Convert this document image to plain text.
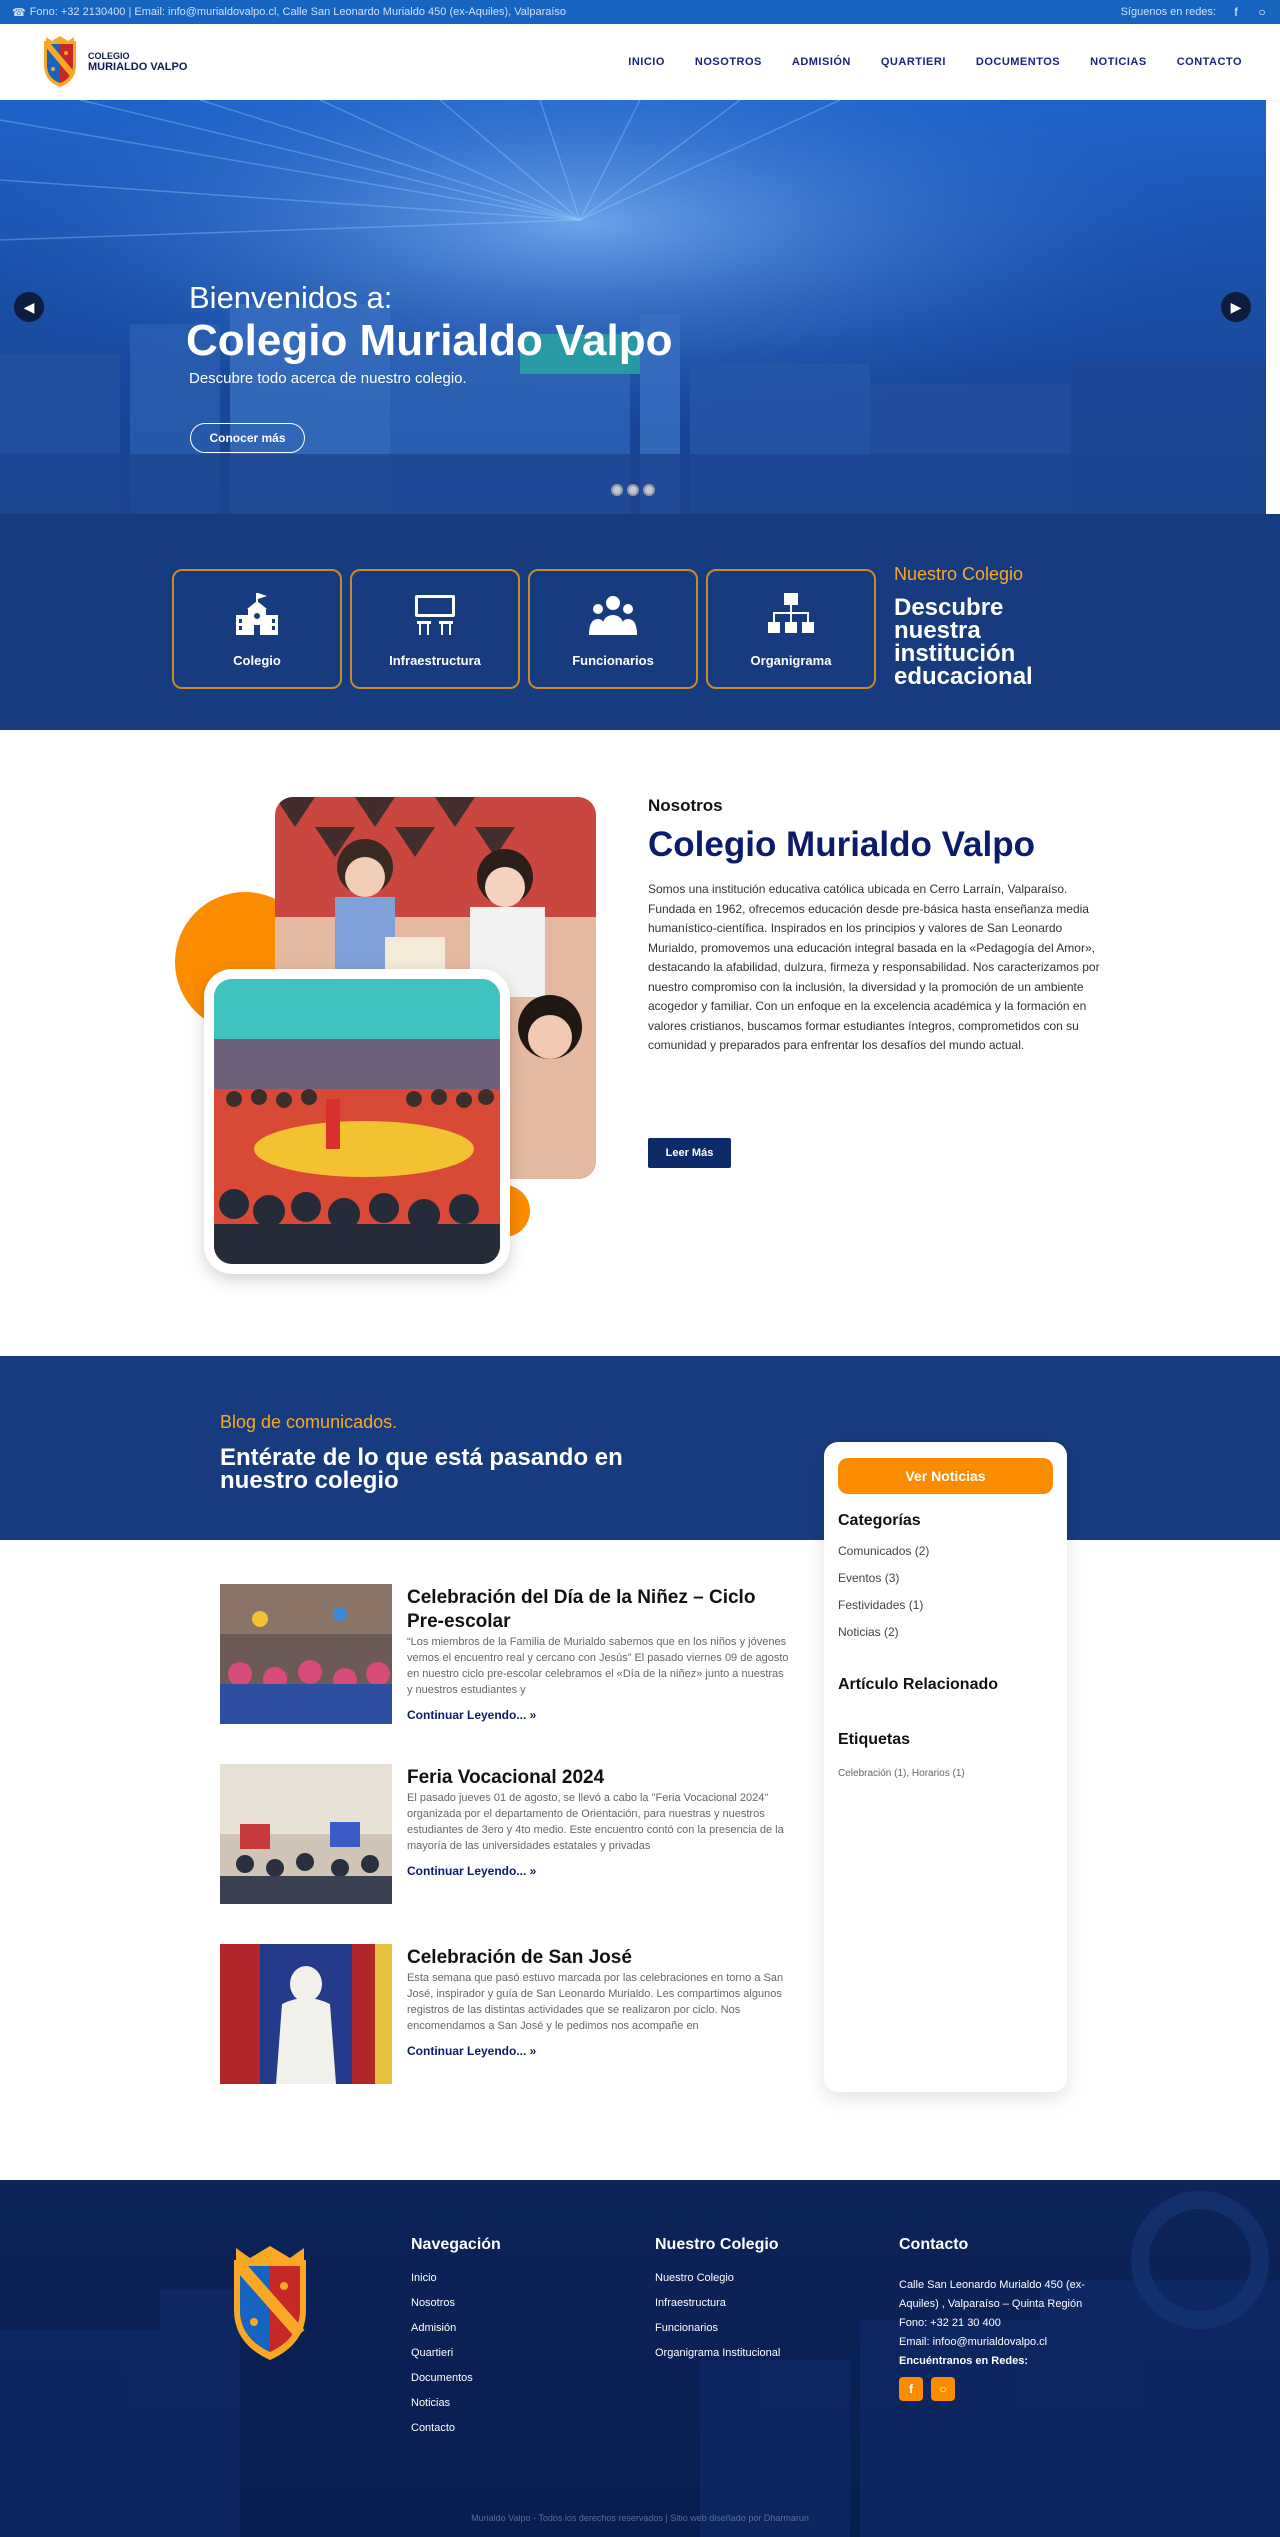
☎ Fono: +32 2130400 | Email: info@murialdovalpo.cl, Calle San Leonardo Murialdo 450 (ex-Aquiles), Valparaíso	Síguenos en redes:	f	○
COLEGIO
MURIALDO VALPO	INICIO	NOSOTROS	ADMISIÓN	QUARTIERI	DOCUMENTOS	NOTICIAS	CONTACTO
Bienvenidos a:
Colegio Murialdo Valpo
Descubre todo acerca de nuestro colegio.
Conocer más
◀	▶
Colegio	Infraestructura	Funcionarios	Organigrama
Nuestro Colegio
Descubre nuestra institución educacional
Nosotros
Colegio Murialdo Valpo
Somos una institución educativa católica ubicada en Cerro Larraín, Valparaíso. Fundada en 1962, ofrecemos educación desde pre-básica hasta enseñanza media humanístico-científica. Inspirados en los principios y valores de San Leonardo Murialdo, promovemos una educación integral basada en la «Pedagogía del Amor», destacando la afabilidad, dulzura, firmeza y responsabilidad. Nos caracterizamos por nuestro compromiso con la inclusión, la diversidad y la promoción de un ambiente acogedor y familiar. Con un enfoque en la excelencia académica y la formación en valores cristianos, buscamos formar estudiantes íntegros, comprometidos con su comunidad y preparados para enfrentar los desafíos del mundo actual.
Leer Más
Blog de comunicados.
Entérate de lo que está pasando en nuestro colegio
Celebración del Día de la Niñez – Ciclo Pre-escolar
“Los miembros de la Familia de Murialdo sabemos que en los niños y jóvenes vemos el encuentro real y cercano con Jesús” El pasado viernes 09 de agosto en nuestro ciclo pre-escolar celebramos el «Día de la niñez» junto a nuestras y nuestros estudiantes y
Continuar Leyendo... »
Feria Vocacional 2024
El pasado jueves 01 de agosto, se llevó a cabo la "Feria Vocacional 2024" organizada por el departamento de Orientación, para nuestras y nuestros estudiantes de 3ero y 4to medio. Este encuentro contó con la presencia de la mayoría de las universidades estatales y privadas
Continuar Leyendo... »
Celebración de San José
Esta semana que pasó estuvo marcada por las celebraciones en torno a San José, inspirador y guía de San Leonardo Murialdo. Les compartimos algunos registros de las distintas actividades que se realizaron por ciclo. Nos encomendamos a San José y le pedimos nos acompañe en
Continuar Leyendo... »
Ver Noticias
Categorías
Comunicados (2)
Eventos (3)
Festividades (1)
Noticias (2)
Artículo Relacionado
Etiquetas
Celebración (1), Horarios (1)
Navegación
Inicio
Nosotros
Admisión
Quartieri
Documentos
Noticias
Contacto
Nuestro Colegio
Nuestro Colegio
Infraestructura
Funcionarios
Organigrama Institucional
Contacto

Calle San Leonardo Murialdo 450 (ex-Aquiles) , Valparaíso – Quinta Región

Fono: +32 21 30 400

Email: infoo@murialdovalpo.cl

Encuéntranos en Redes:

f	○
Murialdo Valpo - Todos los derechos reservados | Sitio web diseñado por Dharmarun
